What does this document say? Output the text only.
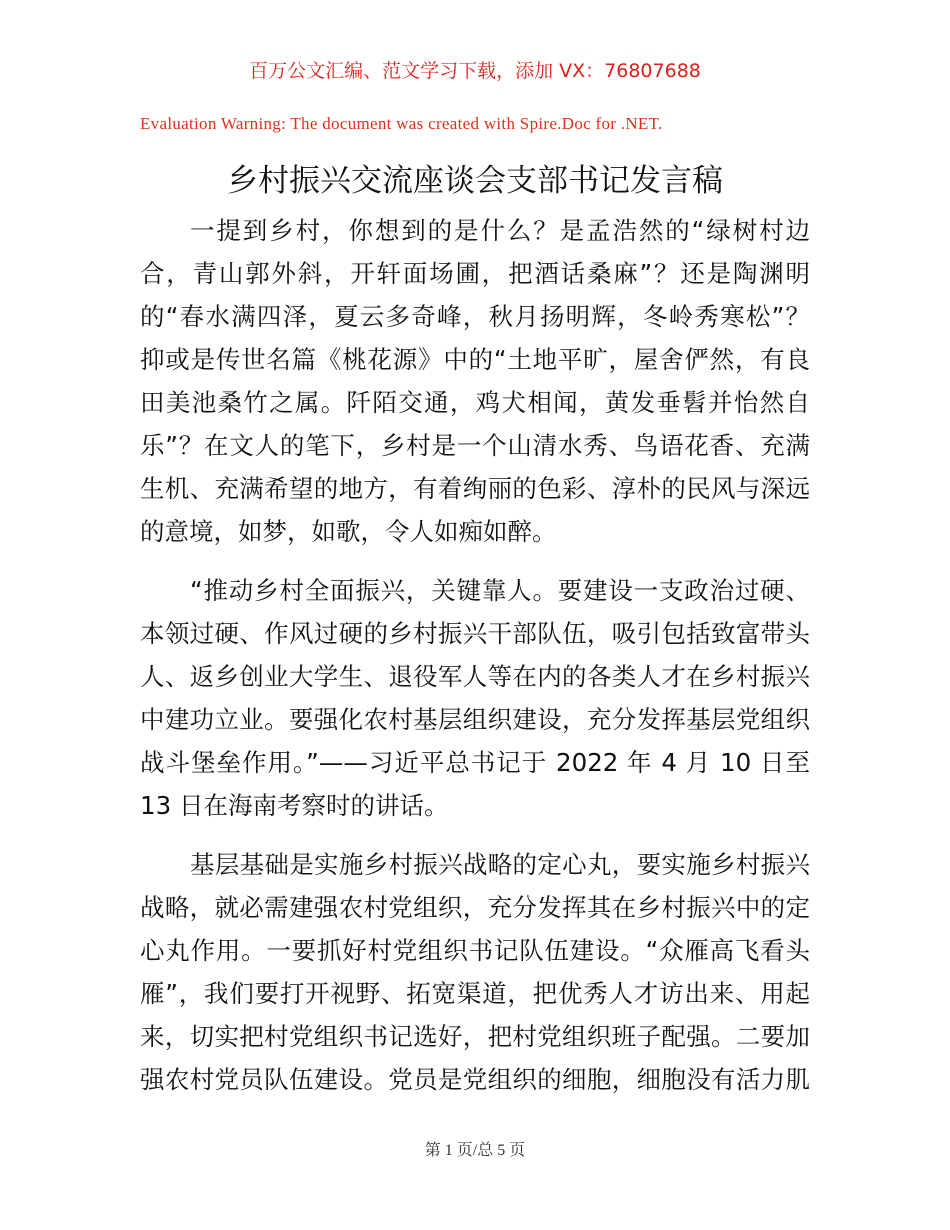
百万公文汇编、范文学习下载，添加 VX：76807688
Evaluation Warning: The document was created with Spire.Doc for .NET.
乡村振兴交流座谈会支部书记发言稿
一提到乡村，你想到的是什么？是孟浩然的“绿树村边
合，青山郭外斜，开轩面场圃，把酒话桑麻”？还是陶渊明
的“春水满四泽，夏云多奇峰，秋月扬明辉，冬岭秀寒松”？
抑或是传世名篇《桃花源》中的“土地平旷，屋舍俨然，有良
田美池桑竹之属。阡陌交通，鸡犬相闻，黄发垂髫并怡然自
乐”？在文人的笔下，乡村是一个山清水秀、鸟语花香、充满
生机、充满希望的地方，有着绚丽的色彩、淳朴的民风与深远
的意境，如梦，如歌，令人如痴如醉。
“推动乡村全面振兴，关键靠人。要建设一支政治过硬、
本领过硬、作风过硬的乡村振兴干部队伍，吸引包括致富带头
人、返乡创业大学生、退役军人等在内的各类人才在乡村振兴
中建功立业。要强化农村基层组织建设，充分发挥基层党组织
战斗堡垒作用。”——习近平总书记于 2022 年 4 月 10 日至
13 日在海南考察时的讲话。
基层基础是实施乡村振兴战略的定心丸，要实施乡村振兴
战略，就必需建强农村党组织，充分发挥其在乡村振兴中的定
心丸作用。一要抓好村党组织书记队伍建设。“众雁高飞看头
雁”，我们要打开视野、拓宽渠道，把优秀人才访出来、用起
来，切实把村党组织书记选好，把村党组织班子配强。二要加
强农村党员队伍建设。党员是党组织的细胞，细胞没有活力肌
第 1 页/总 5 页
